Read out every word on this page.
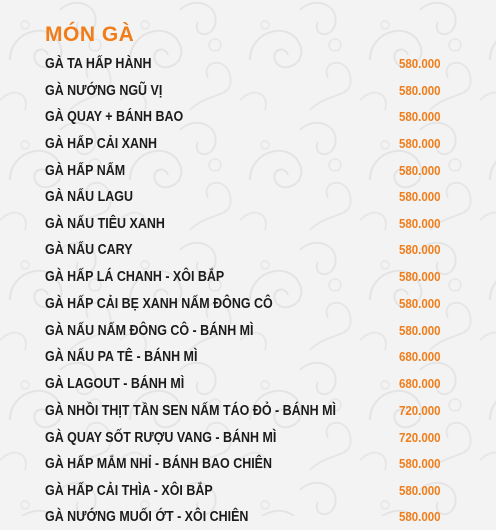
MÓN GÀ
GÀ TA HẤP HÀNH	580.000
GÀ NƯỚNG NGŨ VỊ	580.000
GÀ QUAY + BÁNH BAO	580.000
GÀ HẤP CẢI XANH	580.000
GÀ HẤP NẤM	580.000
GÀ NẤU LAGU	580.000
GÀ NẤU TIÊU XANH	580.000
GÀ NẤU CARY	580.000
GÀ HẤP LÁ CHANH - XÔI BẮP	580.000
GÀ HẤP CẢI BẸ XANH NẤM ĐÔNG CÔ	580.000
GÀ NẤU NẤM ĐÔNG CÔ - BÁNH MÌ	580.000
GÀ NẤU PA TÊ - BÁNH MÌ	680.000
GÀ LAGOUT - BÁNH MÌ	680.000
GÀ NHỒI THỊT TẦN SEN NẤM TÁO ĐỎ - BÁNH MÌ	720.000
GÀ QUAY SỐT RƯỢU VANG - BÁNH MÌ	720.000
GÀ HẤP MẮM NHỈ - BÁNH BAO CHIÊN	580.000
GÀ HẤP CẢI THÌA - XÔI BẮP	580.000
GÀ NƯỚNG MUỐI ỚT - XÔI CHIÊN	580.000
